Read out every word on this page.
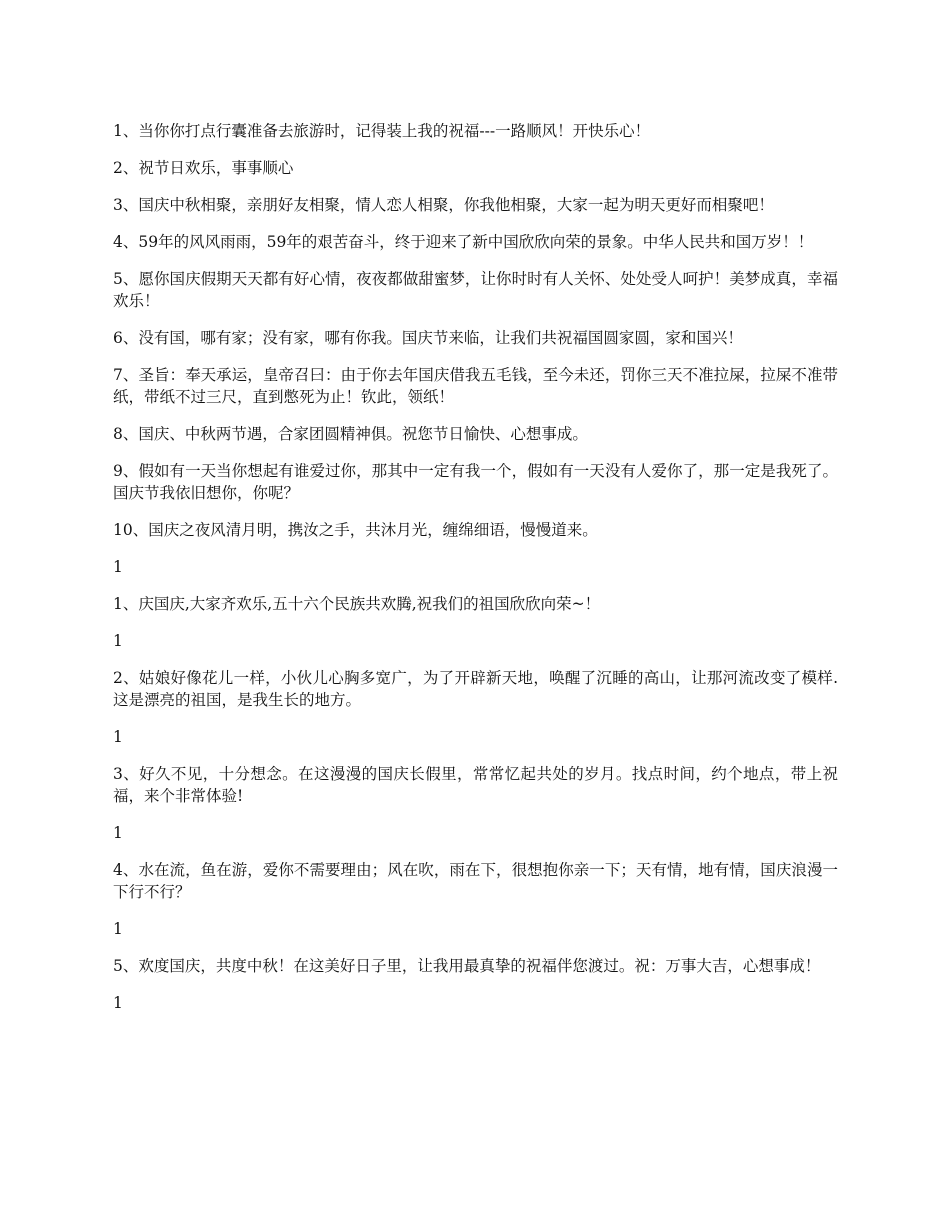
1、当你你打点行囊准备去旅游时，记得装上我的祝福---一路顺风！开快乐心！

2、祝节日欢乐，事事顺心

3、国庆中秋相聚，亲朋好友相聚，情人恋人相聚，你我他相聚，大家一起为明天更好而相聚吧！

4、59年的风风雨雨，59年的艰苦奋斗，终于迎来了新中国欣欣向荣的景象。中华人民共和国万岁！！

5、愿你国庆假期天天都有好心情，夜夜都做甜蜜梦，让你时时有人关怀、处处受人呵护！美梦成真，幸福欢乐！

6、没有国，哪有家；没有家，哪有你我。国庆节来临，让我们共祝福国圆家圆，家和国兴！

7、圣旨：奉天承运，皇帝召曰：由于你去年国庆借我五毛钱，至今未还，罚你三天不准拉屎，拉屎不准带纸，带纸不过三尺，直到憋死为止！钦此，领纸！

8、国庆、中秋两节遇，合家团圆精神俱。祝您节日愉快、心想事成。

9、假如有一天当你想起有谁爱过你，那其中一定有我一个，假如有一天没有人爱你了，那一定是我死了。国庆节我依旧想你，你呢？

10、国庆之夜风清月明，携汝之手，共沐月光，缠绵细语，慢慢道来。

1

1、庆国庆,大家齐欢乐,五十六个民族共欢腾,祝我们的祖国欣欣向荣~！

1

2、姑娘好像花儿一样，小伙儿心胸多宽广，为了开辟新天地，唤醒了沉睡的高山，让那河流改变了模样.这是漂亮的祖国，是我生长的地方。

1

3、好久不见，十分想念。在这漫漫的国庆长假里，常常忆起共处的岁月。找点时间，约个地点，带上祝福，来个非常体验!

1

4、水在流，鱼在游，爱你不需要理由；风在吹，雨在下，很想抱你亲一下；天有情，地有情，国庆浪漫一下行不行？

1

5、欢度国庆，共度中秋！在这美好日子里，让我用最真挚的祝福伴您渡过。祝：万事大吉，心想事成！

1
